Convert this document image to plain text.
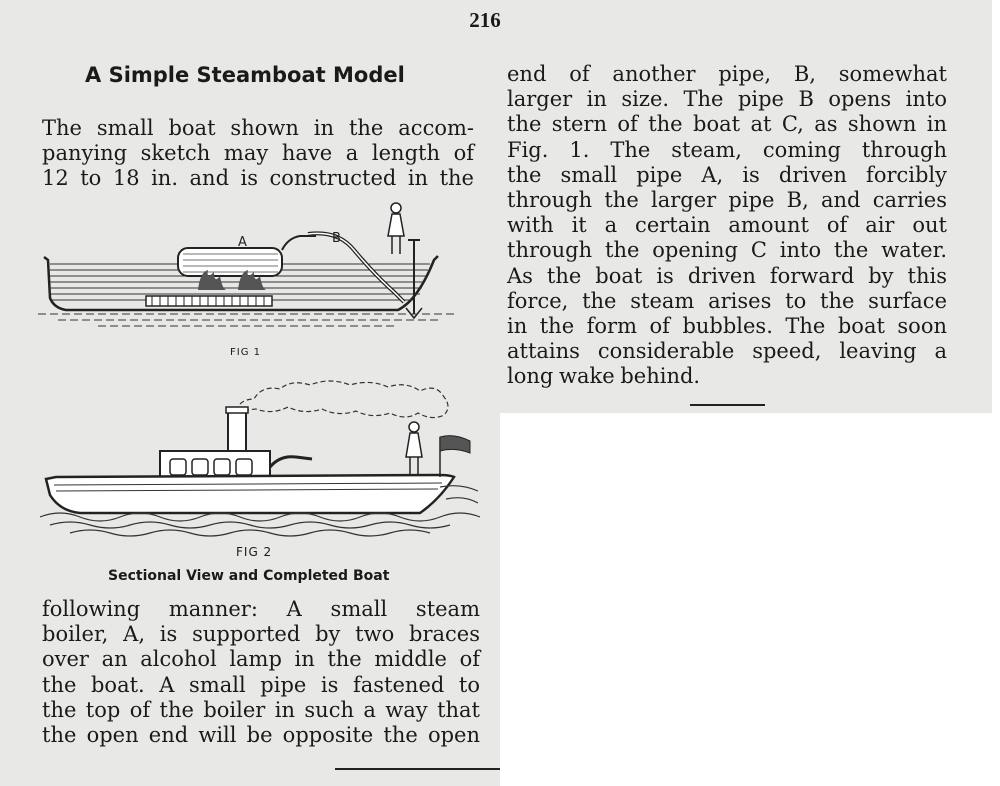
216
A Simple Steamboat Model
The small boat shown in the accom-
panying sketch may have a length of
12 to 18 in. and is constructed in the
A	B
FIG 1
FIG 2
Sectional View and Completed Boat
following manner: A small steam
boiler, A, is supported by two braces
over an alcohol lamp in the middle of
the boat. A small pipe is fastened to
the top of the boiler in such a way that
the open end will be opposite the open
end of another pipe, B, somewhat
larger in size. The pipe B opens into
the stern of the boat at C, as shown in
Fig. 1. The steam, coming through
the small pipe A, is driven forcibly
through the larger pipe B, and carries
with it a certain amount of air out
through the opening C into the water.
As the boat is driven forward by this
force, the steam arises to the surface
in the form of bubbles. The boat soon
attains considerable speed, leaving a
long wake behind.
